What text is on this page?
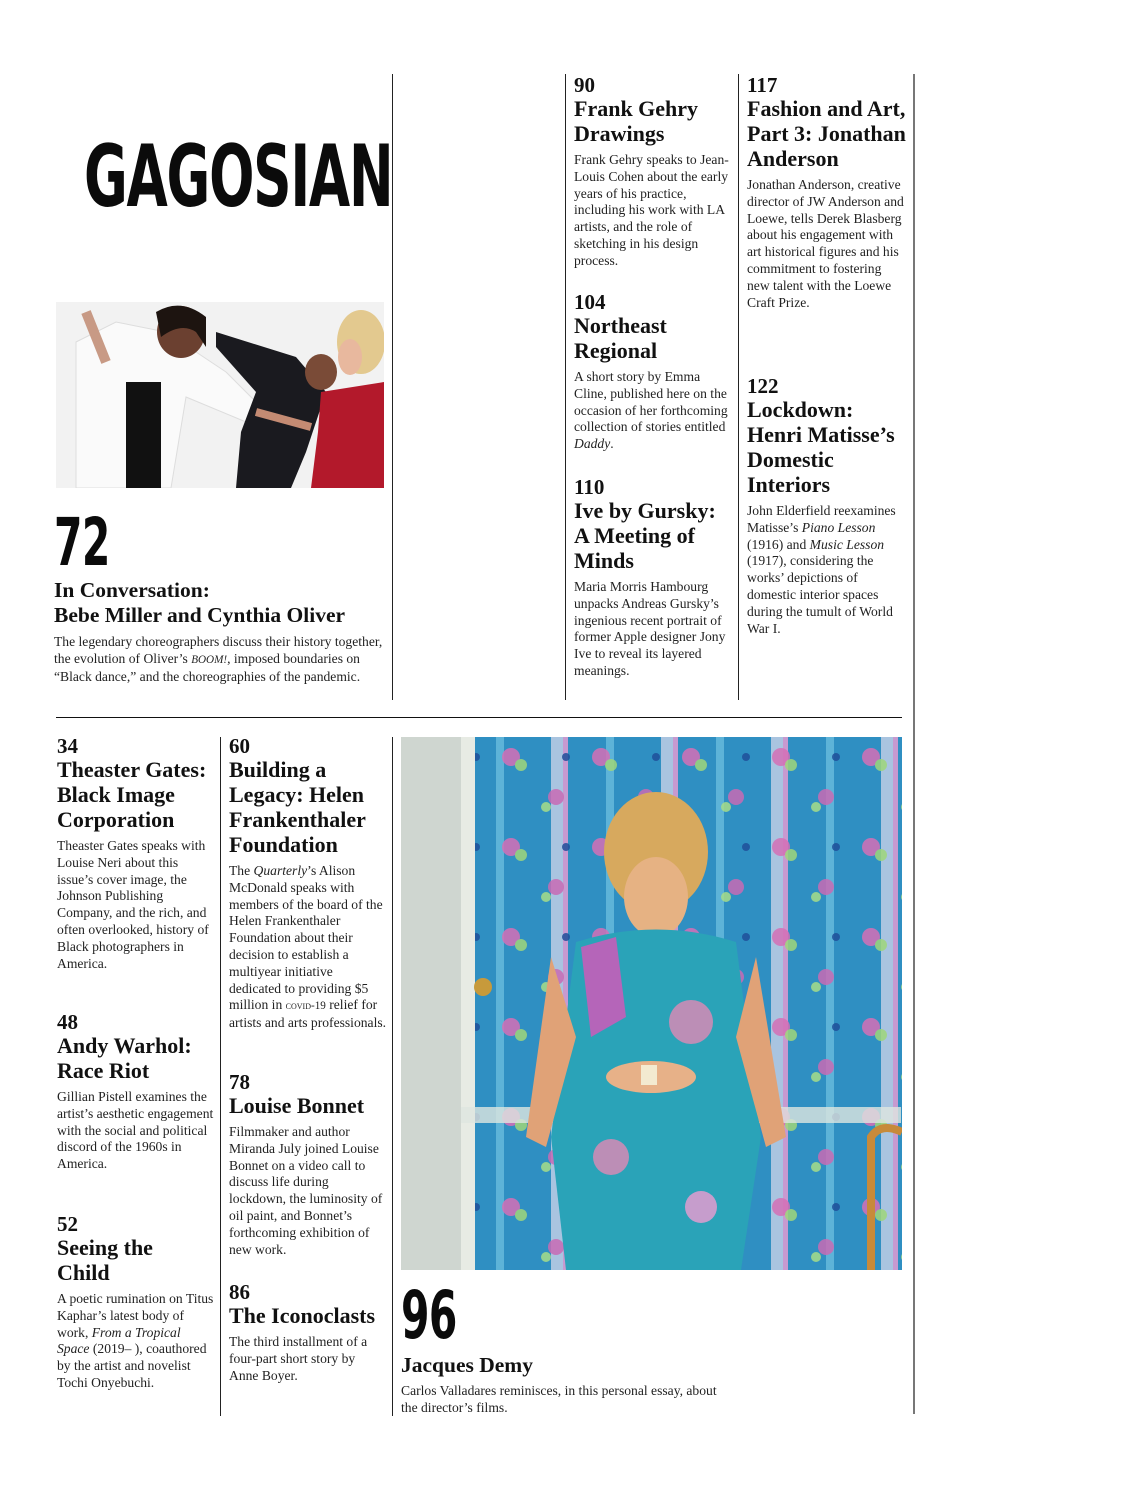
GAGOSIAN
72
In Conversation:
Bebe Miller and Cynthia Oliver
The legendary choreographers discuss their history together, the evolution of Oliver’s BOOM!, imposed boundaries on “Black dance,” and the choreographies of the pandemic.
90
Frank Gehry Drawings
Frank Gehry speaks to Jean-Louis Cohen about the early years of his practice, including his work with LA artists, and the role of sketching in his design process.
104
Northeast Regional
A short story by Emma Cline, published here on the occasion of her forthcoming collection of stories entitled Daddy.
110
Ive by Gursky: A Meeting of Minds
Maria Morris Hambourg unpacks Andreas Gursky’s ingenious recent portrait of former Apple designer Jony Ive to reveal its layered meanings.
117
Fashion and Art, Part 3: Jonathan Anderson
Jonathan Anderson, creative director of JW Anderson and Loewe, tells Derek Blasberg about his engagement with art historical figures and his commitment to fostering new talent with the Loewe Craft Prize.
122
Lockdown: Henri Matisse’s Domestic Interiors
John Elderfield reexamines Matisse’s Piano Lesson (1916) and Music Lesson (1917), considering the works’ depictions of domestic interior spaces during the tumult of World War I.
34
Theaster Gates: Black Image Corporation
Theaster Gates speaks with Louise Neri about this issue’s cover image, the Johnson Publishing Company, and the rich, and often overlooked, history of Black photographers in America.
48
Andy Warhol: Race Riot
Gillian Pistell examines the artist’s aesthetic engagement with the social and political discord of the 1960s in America.
52
Seeing the Child
A poetic rumination on Titus Kaphar’s latest body of work, From a Tropical Space (2019– ), coauthored by the artist and novelist Tochi Onyebuchi.
60
Building a Legacy: Helen Frankenthaler Foundation
The Quarterly’s Alison McDonald speaks with members of the board of the Helen Frankenthaler Foundation about their decision to establish a multiyear initiative dedicated to providing $5 million in covid-19 relief for artists and arts professionals.
78
Louise Bonnet
Filmmaker and author Miranda July joined Louise Bonnet on a video call to discuss life during lockdown, the luminosity of oil paint, and Bonnet’s forthcoming exhibition of new work.
86
The Iconoclasts
The third installment of a four-part short story by Anne Boyer.
96
Jacques Demy
Carlos Valladares reminisces, in this personal essay, about the director’s films.
